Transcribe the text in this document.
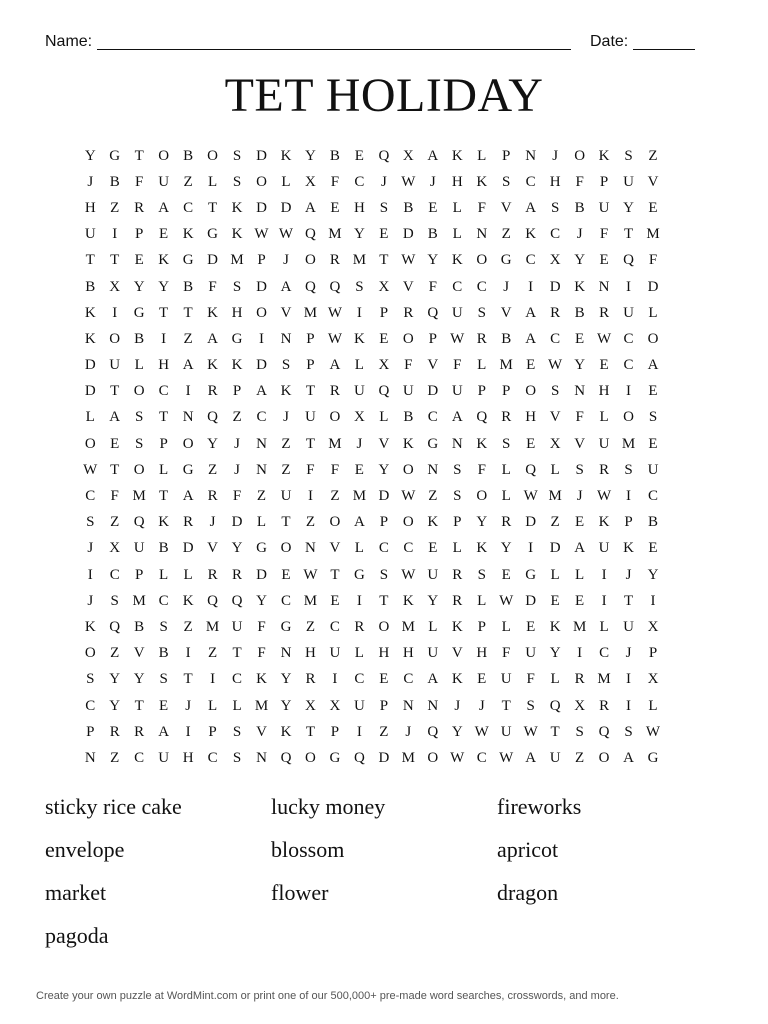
Name:	Date:
TET HOLIDAY
Y G T O B O S D K Y B E Q X A K L	P N	J	O K S	Z
J	B	F U Z	L	S O L X F	C	J W J	H K S	C H F	P U V
H Z R A C T K D D A E H S	B E	L	F V A S	B U Y E
U	I	P	E K G K W W Q M Y E D B L N Z K C	J	F	T M
T	T	E K G D M P	J	O R M T W Y K O G C X Y E Q F
B X Y Y B	F	S D A Q Q S X V F	C C	J	I	D K N	I	D
K	I	G T	T K H O V M W I	P	R Q U S V A R B R U L
K O B	I	Z A G	I	N P W K E O P W R B A C E W C O
D U L H A K K D S	P A L X F V F	L M E W Y E C A
D T O C	I	R	P A K T R U Q U D U P	P O S N H	I	E
L A S	T N Q Z C	J	U O X L B C A Q R H V F	L O S
O E	S	P O Y	J	N Z	T M J	V K G N K S	E X V U M E
W T O L G Z	J	N Z	F	F	E Y O N S	F	L Q L	S	R	S U
C	F M T A R	F	Z U	I	Z M D W Z	S O L W M J W I	C
S	Z Q K R	J	D L	T	Z O A P O K P Y R D Z	E K P	B
J	X U B D V Y G O N V L C C E	L K Y	I	D A U K E
I	C	P	L	L R R D E W T G S W U R	S	E G L	L	I	J	Y
J	S M C K Q Q Y C M E	I	T K Y R L W D E	E	I	T	I
K Q B	S	Z M U F G Z C R O M L K P	L	E K M L U X
O Z V B	I	Z	T	F N H U L H H U V H F U Y	I	C	J	P
S Y Y S	T	I	C K Y R	I	C E C A K E U F	L R M	I	X
C Y T	E	J	L	L M Y X X U P N N	J	J	T	S Q X R	I	L
P	R R A	I	P	S V K T	P	I	Z	J	Q Y W U W T	S Q S W
N Z C U H C	S N Q O G Q D M O W C W A U Z O A G
sticky rice cake	lucky money	fireworks
envelope	blossom	apricot
market	flower	dragon
pagoda
Create your own puzzle at WordMint.com or print one of our 500,000+ pre-made word searches, crosswords, and more.
